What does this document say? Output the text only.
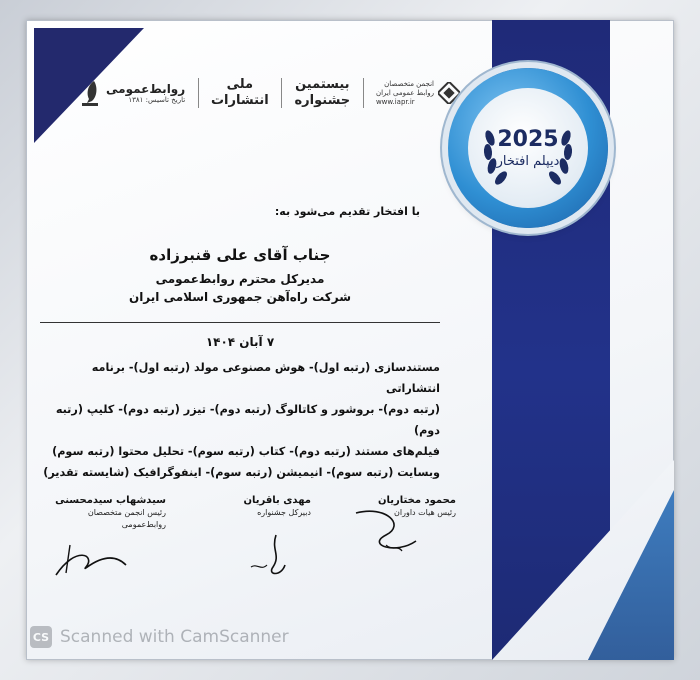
انجمن متخصصان
روابط عمومی ایران
www.iapr.ir
بیستمین
جشنواره
ملی
انتشارات
روابط‌عمومی
تاریخ تاسیس: ۱۳۸۱
2025
دیپلم افتخار
با افتخار تقدیم می‌شود به:
جناب آقای علی قنبرزاده
مدیرکل محترم روابط‌عمومی
شرکت راه‌آهن جمهوری اسلامی ایران
۷ آبان ۱۴۰۴
مستندسازی (رتبه اول)- هوش مصنوعی مولد (رتبه اول)- برنامه انتشاراتی
(رتبه دوم)- بروشور و کاتالوگ (رتبه دوم)- تیزر (رتبه دوم)- کلیپ (رتبه دوم)
فیلم‌های مستند (رتبه دوم)- کتاب (رتبه سوم)- تحلیل محتوا (رتبه سوم)
وبسایت (رتبه سوم)- انیمیشن (رتبه سوم)- اینفوگرافیک (شایسته تقدیر)
سیدشهاب سیدمحسنی
رئیس انجمن متخصصان
روابط‌عمومی
مهدی باقریان
دبیرکل جشنواره
محمود مختاریان
رئیس هیات داوران
CS Scanned with CamScanner
